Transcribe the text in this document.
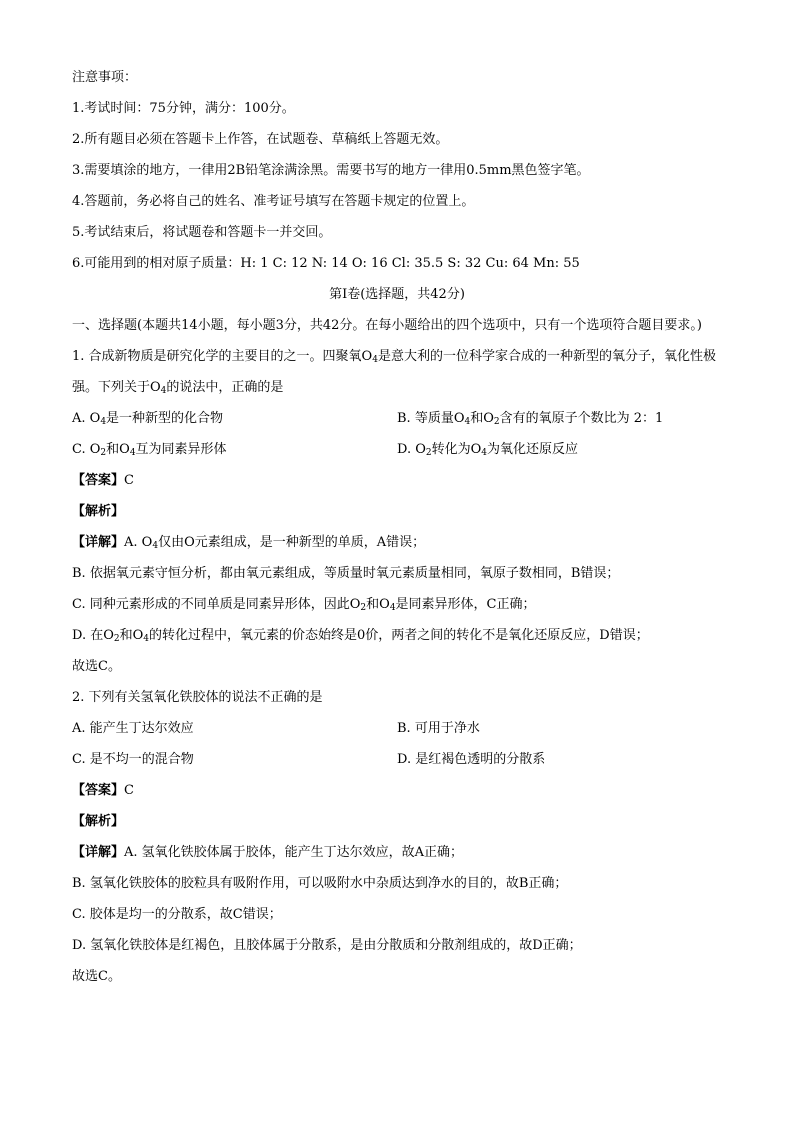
注意事项：
1.考试时间：75分钟，满分：100分。
2.所有题目必须在答题卡上作答，在试题卷、草稿纸上答题无效。
3.需要填涂的地方，一律用2B铅笔涂满涂黑。需要书写的地方一律用0.5mm黑色签字笔。
4.答题前，务必将自己的姓名、准考证号填写在答题卡规定的位置上。
5.考试结束后，将试题卷和答题卡一并交回。
6.可能用到的相对原子质量：H: 1 C: 12 N: 14 O: 16 Cl: 35.5 S: 32 Cu: 64 Mn: 55
第I卷(选择题，共42分)
一、选择题(本题共14小题，每小题3分，共42分。在每小题给出的四个选项中，只有一个选项符合题目要求。)
1. 合成新物质是研究化学的主要目的之一。四聚氧$O_4$是意大利的一位科学家合成的一种新型的氧分子，氧化性极强。下列关于$O_4$的说法中，正确的是
A. $O_4$是一种新型的化合物	B. 等质量$O_4$和$O_2$含有的氧原子个数比为 2：1
C. $O_2$和$O_4$互为同素异形体	D. $O_2$转化为$O_4$为氧化还原反应
【答案】C
【解析】
【详解】A. $O_4$仅由O元素组成，是一种新型的单质，A错误；
B. 依据氧元素守恒分析，都由氧元素组成，等质量时氧元素质量相同，氧原子数相同，B错误；
C. 同种元素形成的不同单质是同素异形体，因此$O_2$和$O_4$是同素异形体，C正确；
D. 在$O_2$和$O_4$的转化过程中，氧元素的价态始终是0价，两者之间的转化不是氧化还原反应，D错误；
故选C。
2. 下列有关氢氧化铁胶体的说法不正确的是
A. 能产生丁达尔效应	B. 可用于净水
C. 是不均一的混合物	D. 是红褐色透明的分散系
【答案】C
【解析】
【详解】A. 氢氧化铁胶体属于胶体，能产生丁达尔效应，故A正确；
B. 氢氧化铁胶体的胶粒具有吸附作用，可以吸附水中杂质达到净水的目的，故B正确；
C. 胶体是均一的分散系，故C错误；
D. 氢氧化铁胶体是红褐色，且胶体属于分散系，是由分散质和分散剂组成的，故D正确；
故选C。
